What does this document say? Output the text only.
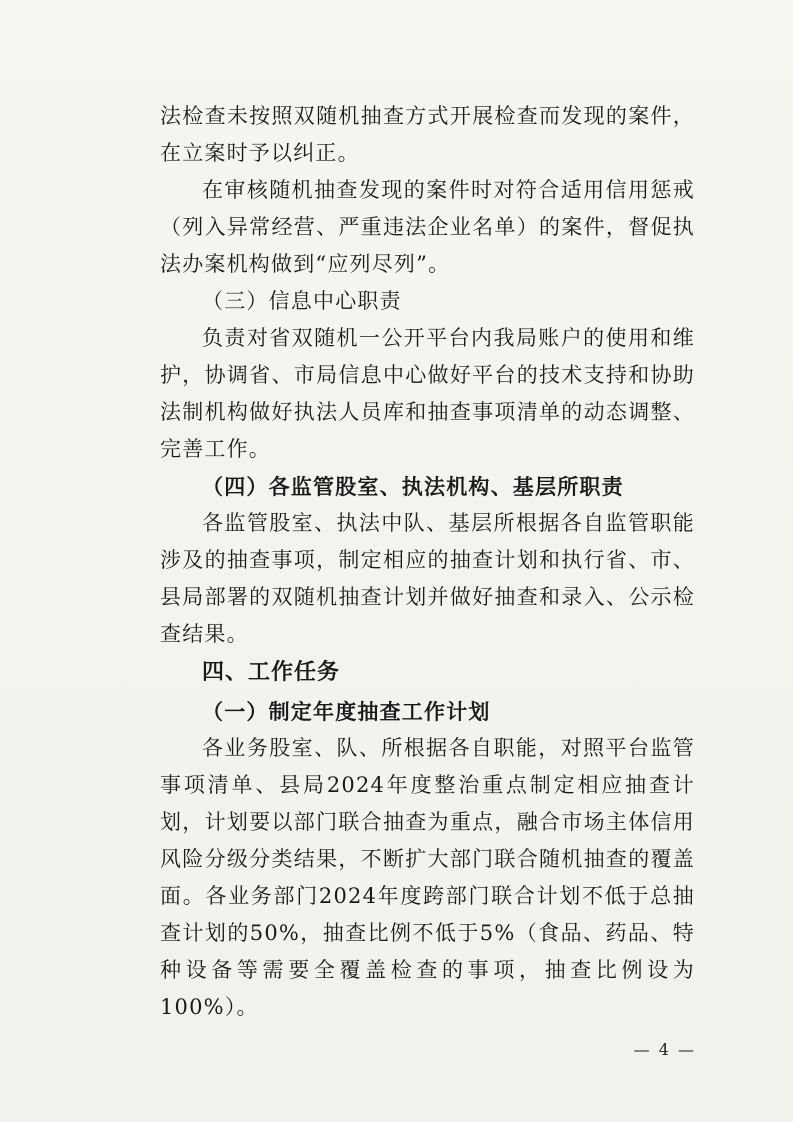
法检查未按照双随机抽查方式开展检查而发现的案件，在立案时予以纠正。

在审核随机抽查发现的案件时对符合适用信用惩戒（列入异常经营、严重违法企业名单）的案件，督促执法办案机构做到“应列尽列”。

（三）信息中心职责

负责对省双随机一公开平台内我局账户的使用和维护，协调省、市局信息中心做好平台的技术支持和协助法制机构做好执法人员库和抽查事项清单的动态调整、完善工作。

（四）各监管股室、执法机构、基层所职责

各监管股室、执法中队、基层所根据各自监管职能涉及的抽查事项，制定相应的抽查计划和执行省、市、县局部署的双随机抽查计划并做好抽查和录入、公示检查结果。

四、工作任务

（一）制定年度抽查工作计划

各业务股室、队、所根据各自职能，对照平台监管事项清单、县局2024年度整治重点制定相应抽查计划，计划要以部门联合抽查为重点，融合市场主体信用风险分级分类结果，不断扩大部门联合随机抽查的覆盖面。各业务部门2024年度跨部门联合计划不低于总抽查计划的50%，抽查比例不低于5%（食品、药品、特种设备等需要全覆盖检查的事项，抽查比例设为100%）。

— 4 —
